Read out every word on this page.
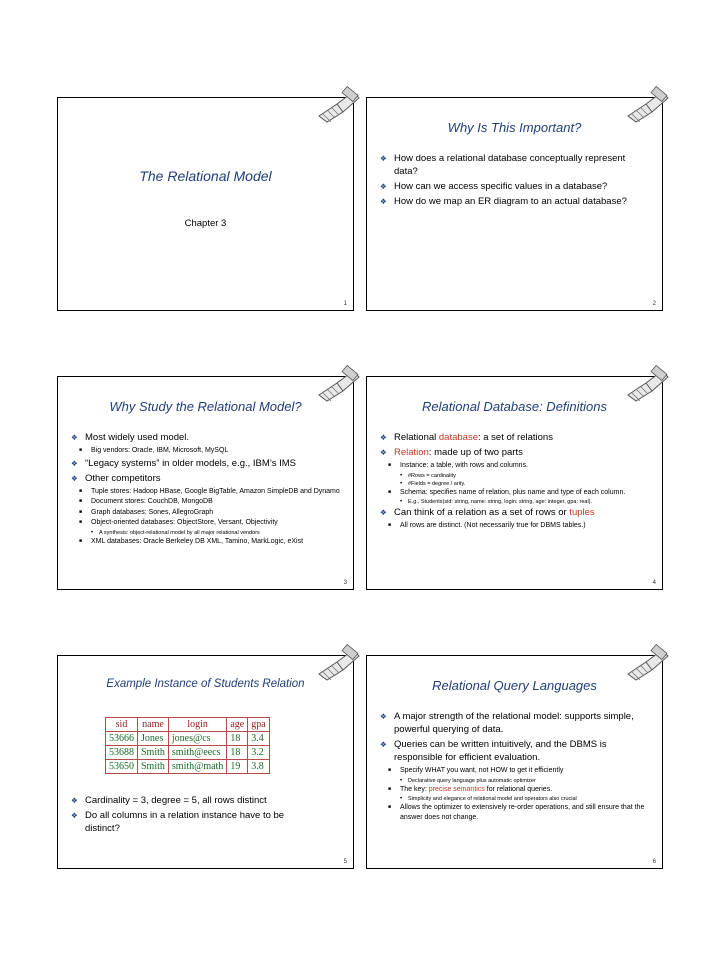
The Relational Model
Chapter 3
1
Why Is This Important?
❖ How does a relational database conceptually represent data?
❖ How can we access specific values in a database?
❖ How do we map an ER diagram to an actual database?
2
Why Study the Relational Model?
❖ Most widely used model.
■ Big vendors: Oracle, IBM, Microsoft, MySQL
❖ “Legacy systems” in older models, e.g., IBM’s IMS
❖ Other competitors
■ Tuple stores: Hadoop HBase, Google BigTable, Amazon SimpleDB and Dynamo
■ Document stores: CouchDB, MongoDB
■ Graph databases: Sones, AllegroGraph
■ Object-oriented databases: ObjectStore, Versant, Objectivity
• A synthesis: object-relational model by all major relational vendors
■ XML databases: Oracle Berkeley DB XML, Tamino, MarkLogic, eXist
3
Relational Database: Definitions
❖ Relational database: a set of relations
❖ Relation: made up of two parts
■ Instance: a table, with rows and columns.
• #Rows = cardinality
• #Fields = degree / arity.
■ Schema: specifies name of relation, plus name and type of each column.
• E.g., Students(sid: string, name: string, login: string, age: integer, gpa: real).
❖ Can think of a relation as a set of rows or tuples
■ All rows are distinct. (Not necessarily true for DBMS tables.)
4
Example Instance of Students Relation
sid	name	login	age	gpa
53666	Jones	jones@cs	18	3.4
53688	Smith	smith@eecs	18	3.2
53650	Smith	smith@math	19	3.8
❖ Cardinality = 3, degree = 5, all rows distinct
❖ Do all columns in a relation instance have to be distinct?
5
Relational Query Languages
❖ A major strength of the relational model: supports simple, powerful querying of data.
❖ Queries can be written intuitively, and the DBMS is responsible for efficient evaluation.
■ Specify WHAT you want, not HOW to get it efficiently
• Declarative query language plus automatic optimizer
■ The key: precise semantics for relational queries.
• Simplicity and elegance of relational model and operators also crucial
■ Allows the optimizer to extensively re-order operations, and still ensure that the answer does not change.
6
